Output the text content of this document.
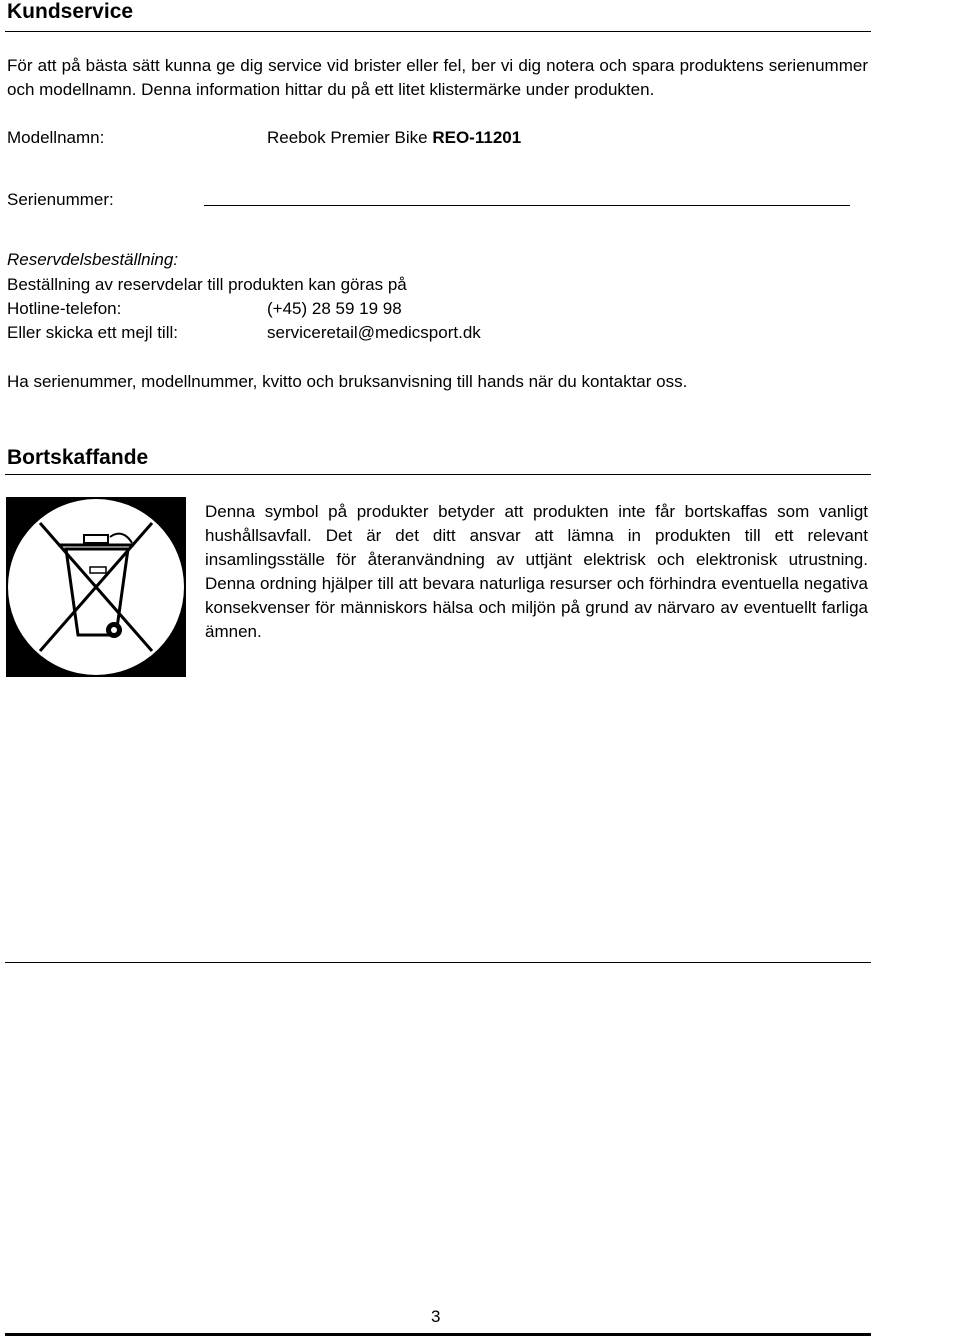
Kundservice
För att på bästa sätt kunna ge dig service vid brister eller fel, ber vi dig notera och spara produktens serienummer och modellnamn. Denna information hittar du på ett litet klistermärke under produkten.
Modellnamn:	Reebok Premier Bike REO-11201
Serienummer:
Reservdelsbeställning:
Beställning av reservdelar till produkten kan göras på
Hotline-telefon:	(+45) 28 59 19 98
Eller skicka ett mejl till:	serviceretail@medicsport.dk
Ha serienummer, modellnummer, kvitto och bruksanvisning till hands när du kontaktar oss.
Bortskaffande
Denna symbol på produkter betyder att produkten inte får bortskaffas som vanligt hushållsavfall. Det är det ditt ansvar att lämna in produkten till ett relevant insamlingsställe för återanvändning av uttjänt elektrisk och elektronisk utrustning. Denna ordning hjälper till att bevara naturliga resurser och förhindra eventuella negativa konsekvenser för människors hälsa och miljön på grund av närvaro av eventuellt farliga ämnen.
3
